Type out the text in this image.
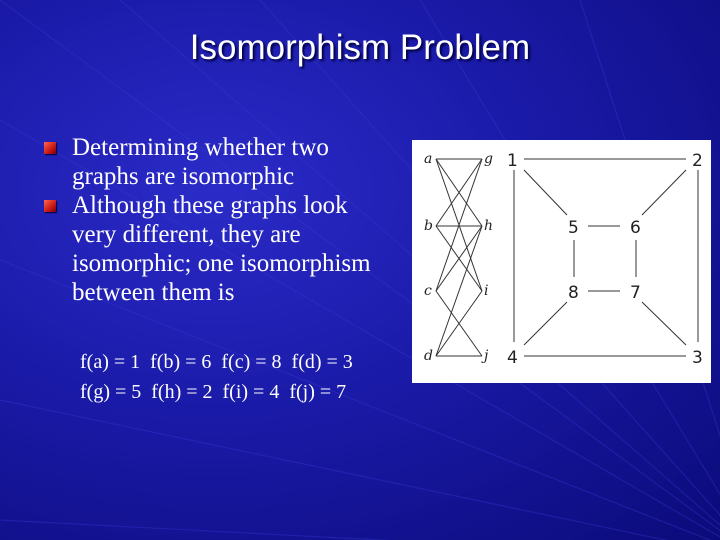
Isomorphism Problem
Determining whether two graphs are isomorphic
Although these graphs look very different, they are isomorphic; one isomorphism between them is
f(a) = 1  f(b) = 6  f(c) = 8  f(d) = 3
f(g) = 5  f(h) = 2  f(i) = 4  f(j) = 7
a
b
c
d
g
h
i
j
1	2
3
4
5	6
7
8
